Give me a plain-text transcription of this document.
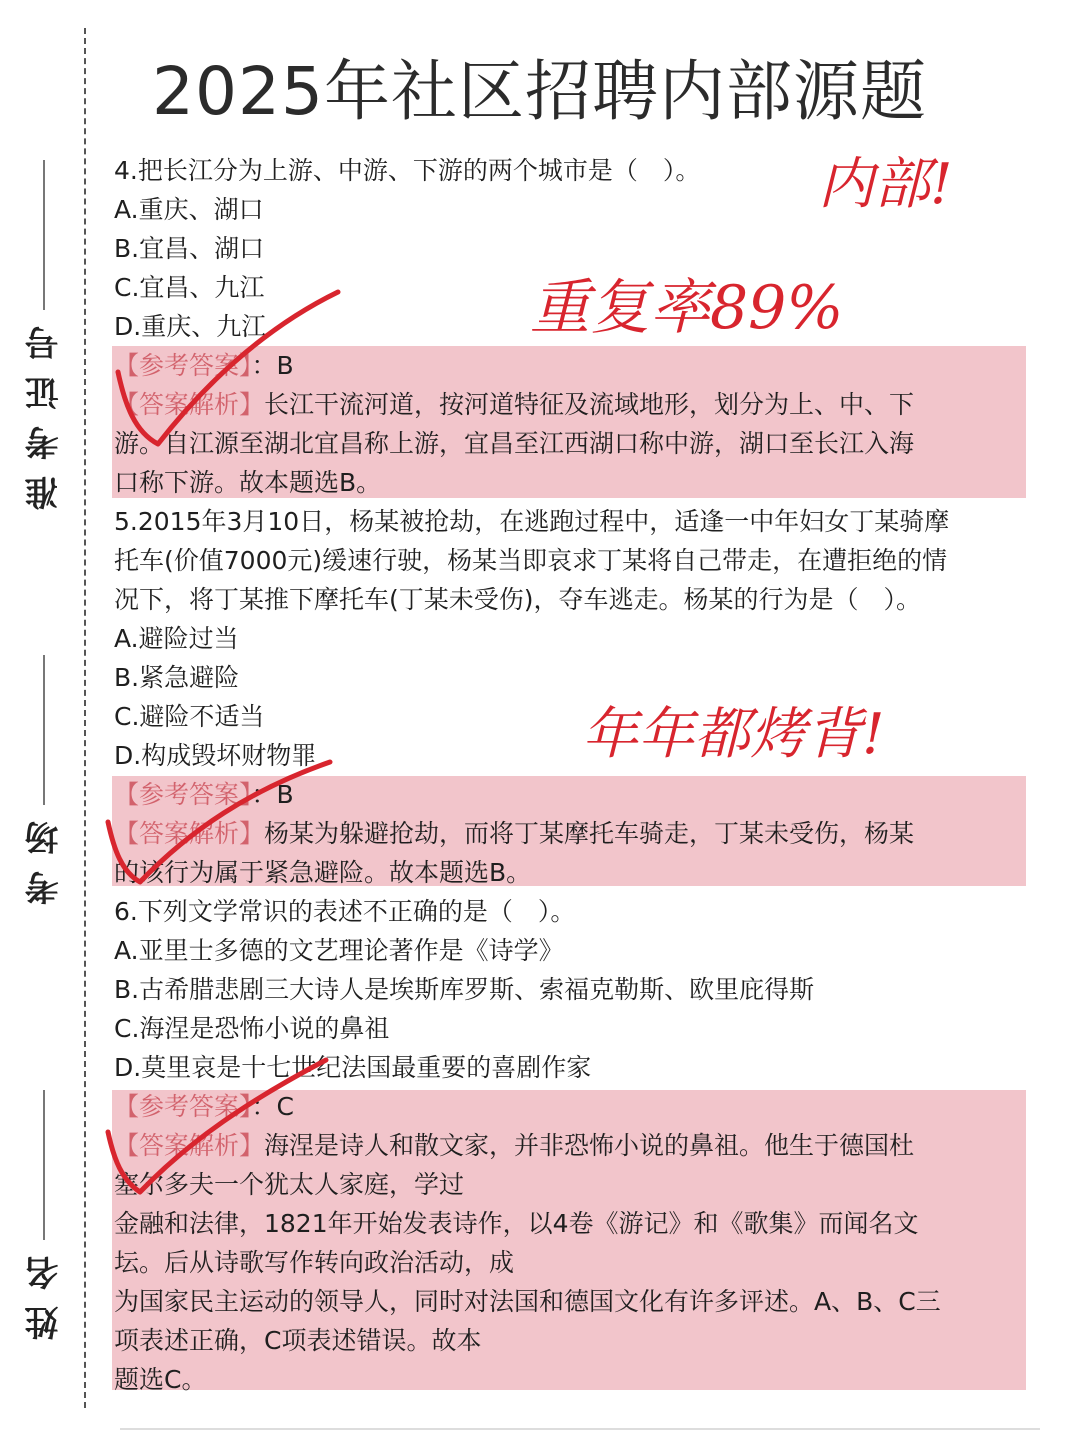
准考证号
考场
姓名
2025年社区招聘内部源题
4.把长江分为上游、中游、下游的两个城市是（　）。
A.重庆、湖口
B.宜昌、湖口
C.宜昌、九江
D.重庆、九江
【参考答案】：B
【答案解析】长江干流河道，按河道特征及流域地形，划分为上、中、下
游。自江源至湖北宜昌称上游，宜昌至江西湖口称中游，湖口至长江入海
口称下游。故本题选B。
5.2015年3月10日，杨某被抢劫，在逃跑过程中，适逢一中年妇女丁某骑摩
托车(价值7000元)缓速行驶，杨某当即哀求丁某将自己带走，在遭拒绝的情
况下，将丁某推下摩托车(丁某未受伤)，夺车逃走。杨某的行为是（　）。
A.避险过当
B.紧急避险
C.避险不适当
D.构成毁坏财物罪
【参考答案】：B
【答案解析】杨某为躲避抢劫，而将丁某摩托车骑走，丁某未受伤，杨某
的该行为属于紧急避险。故本题选B。
6.下列文学常识的表述不正确的是（　）。
A.亚里士多德的文艺理论著作是《诗学》
B.古希腊悲剧三大诗人是埃斯库罗斯、索福克勒斯、欧里庇得斯
C.海涅是恐怖小说的鼻祖
D.莫里哀是十七世纪法国最重要的喜剧作家
【参考答案】：C
【答案解析】海涅是诗人和散文家，并非恐怖小说的鼻祖。他生于德国杜
塞尔多夫一个犹太人家庭，学过
金融和法律，1821年开始发表诗作，以4卷《游记》和《歌集》而闻名文
坛。后从诗歌写作转向政治活动，成
为国家民主运动的领导人，同时对法国和德国文化有许多评述。A、B、C三
项表述正确，C项表述错误。故本
题选C。
内部!
重复率89%
年年都烤背!
